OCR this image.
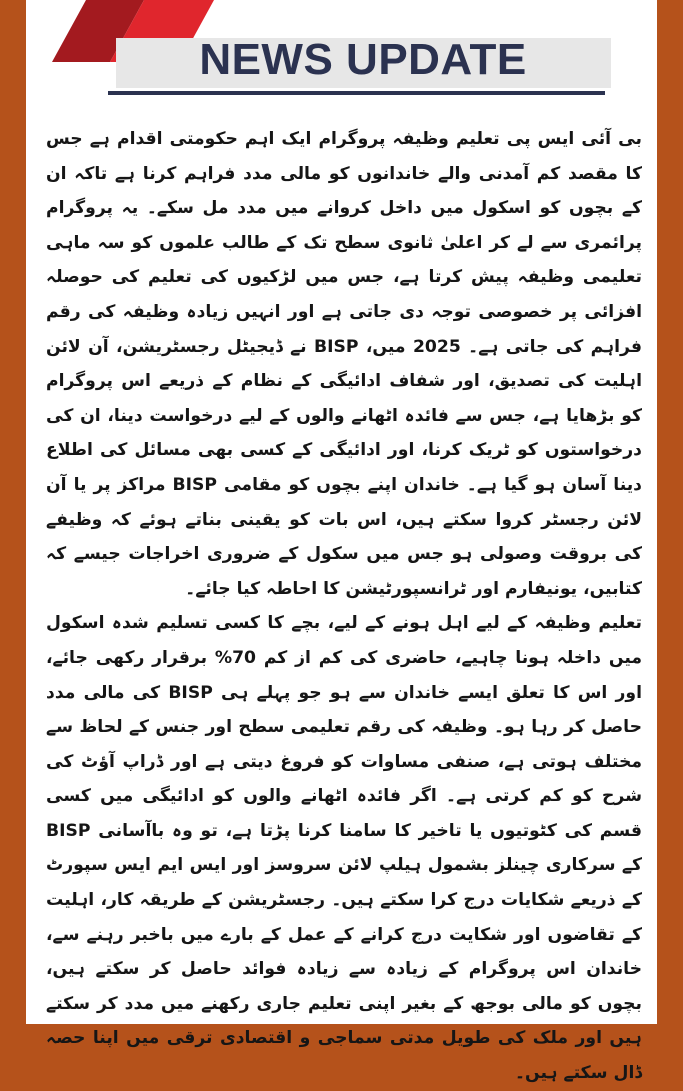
NEWS UPDATE

بی آئی ایس پی تعلیم وظیفہ پروگرام ایک اہم حکومتی اقدام ہے جس کا مقصد کم آمدنی والے خاندانوں کو مالی مدد فراہم کرنا ہے تاکہ ان کے بچوں کو اسکول میں داخل کروانے میں مدد مل سکے۔ یہ پروگرام پرائمری سے لے کر اعلیٰ ثانوی سطح تک کے طالب علموں کو سہ ماہی تعلیمی وظیفہ پیش کرتا ہے، جس میں لڑکیوں کی تعلیم کی حوصلہ افزائی پر خصوصی توجہ دی جاتی ہے اور انہیں زیادہ وظیفہ کی رقم فراہم کی جاتی ہے۔ 2025 میں، BISP نے ڈیجیٹل رجسٹریشن، آن لائن اہلیت کی تصدیق، اور شفاف ادائیگی کے نظام کے ذریعے اس پروگرام کو بڑھایا ہے، جس سے فائدہ اٹھانے والوں کے لیے درخواست دینا، ان کی درخواستوں کو ٹریک کرنا، اور ادائیگی کے کسی بھی مسائل کی اطلاع دینا آسان ہو گیا ہے۔ خاندان اپنے بچوں کو مقامی BISP مراکز پر یا آن لائن رجسٹر کروا سکتے ہیں، اس بات کو یقینی بناتے ہوئے کہ وظیفے کی بروقت وصولی ہو جس میں سکول کے ضروری اخراجات جیسے کہ کتابیں، یونیفارم اور ٹرانسپورٹیشن کا احاطہ کیا جائے۔

تعلیم وظیفہ کے لیے اہل ہونے کے لیے، بچے کا کسی تسلیم شدہ اسکول میں داخلہ ہونا چاہیے، حاضری کی کم از کم 70% برقرار رکھی جائے، اور اس کا تعلق ایسے خاندان سے ہو جو پہلے ہی BISP کی مالی مدد حاصل کر رہا ہو۔ وظیفہ کی رقم تعلیمی سطح اور جنس کے لحاظ سے مختلف ہوتی ہے، صنفی مساوات کو فروغ دیتی ہے اور ڈراپ آؤٹ کی شرح کو کم کرتی ہے۔ اگر فائدہ اٹھانے والوں کو ادائیگی میں کسی قسم کی کٹوتیوں یا تاخیر کا سامنا کرنا پڑتا ہے، تو وہ باآسانی BISP کے سرکاری چینلز بشمول ہیلپ لائن سروسز اور ایس ایم ایس سپورٹ کے ذریعے شکایات درج کرا سکتے ہیں۔ رجسٹریشن کے طریقہ کار، اہلیت کے تقاضوں اور شکایت درج کرانے کے عمل کے بارے میں باخبر رہنے سے، خاندان اس پروگرام کے زیادہ سے زیادہ فوائد حاصل کر سکتے ہیں، بچوں کو مالی بوجھ کے بغیر اپنی تعلیم جاری رکھنے میں مدد کر سکتے ہیں اور ملک کی طویل مدتی سماجی و اقتصادی ترقی میں اپنا حصہ ڈال سکتے ہیں۔
